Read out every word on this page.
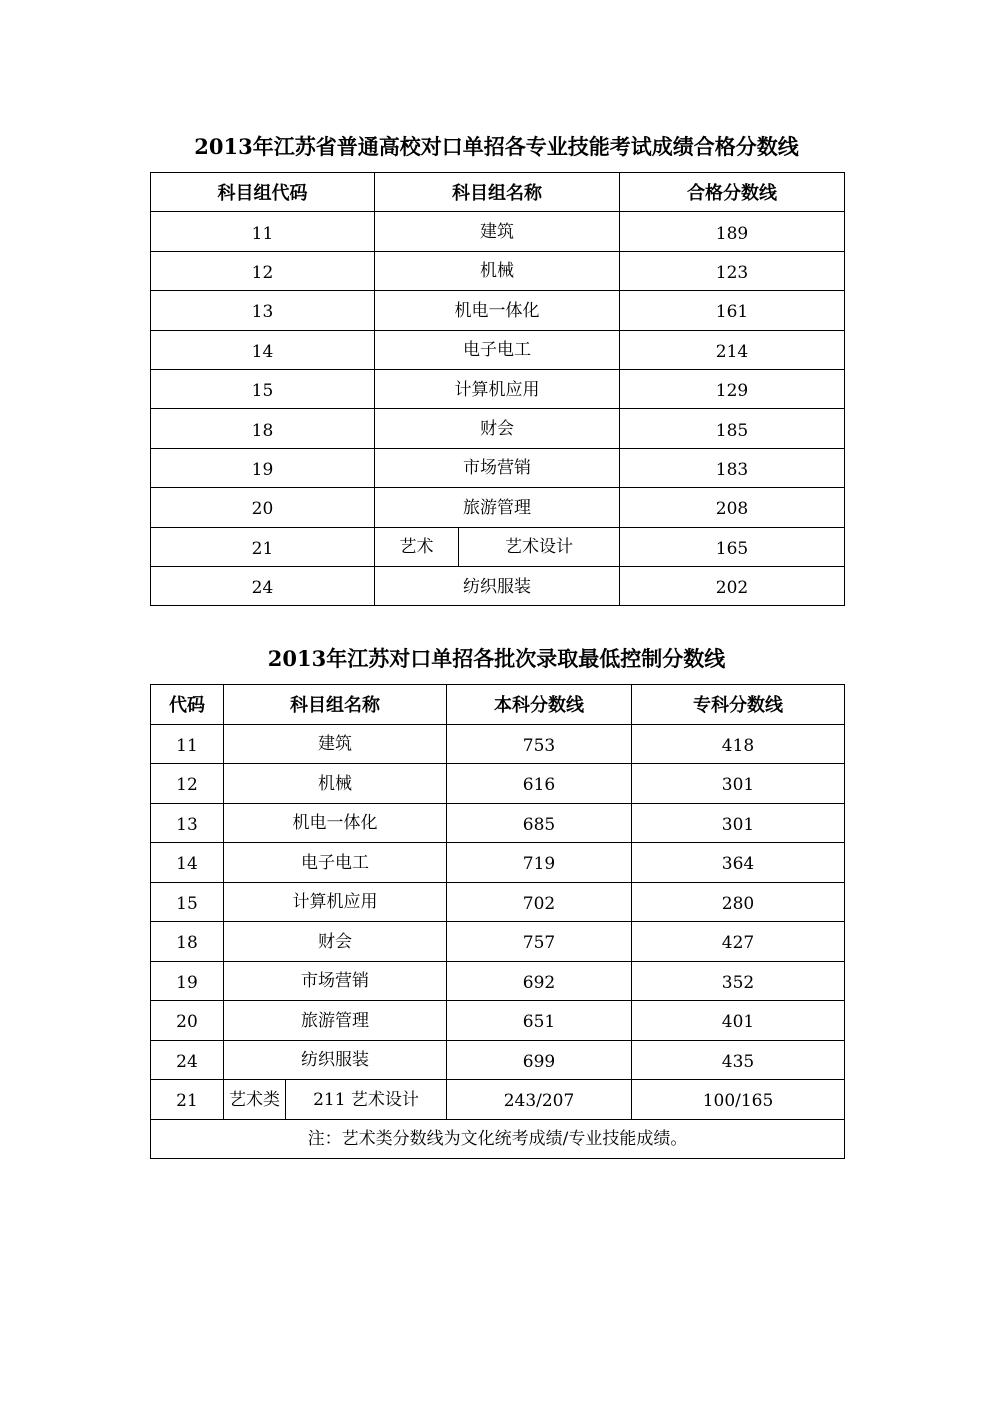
2013年江苏省普通高校对口单招各专业技能考试成绩合格分数线
科目组代码	科目组名称		合格分数线
11	建筑		189
12	机械		123
13	机电一体化		161
14	电子电工		214
15	计算机应用		129
18	财会		185
19	市场营销		183
20	旅游管理		208
21	艺术	艺术设计	165
24	纺织服装		202
2013年江苏对口单招各批次录取最低控制分数线
代码	科目组名称		本科分数线	专科分数线
11	建筑		753	418
12	机械		616	301
13	机电一体化		685	301
14	电子电工		719	364
15	计算机应用		702	280
18	财会		757	427
19	市场营销		692	352
20	旅游管理		651	401
24	纺织服装		699	435
21	艺术类	211 艺术设计	243/207	100/165
注：艺术类分数线为文化统考成绩/专业技能成绩。				
